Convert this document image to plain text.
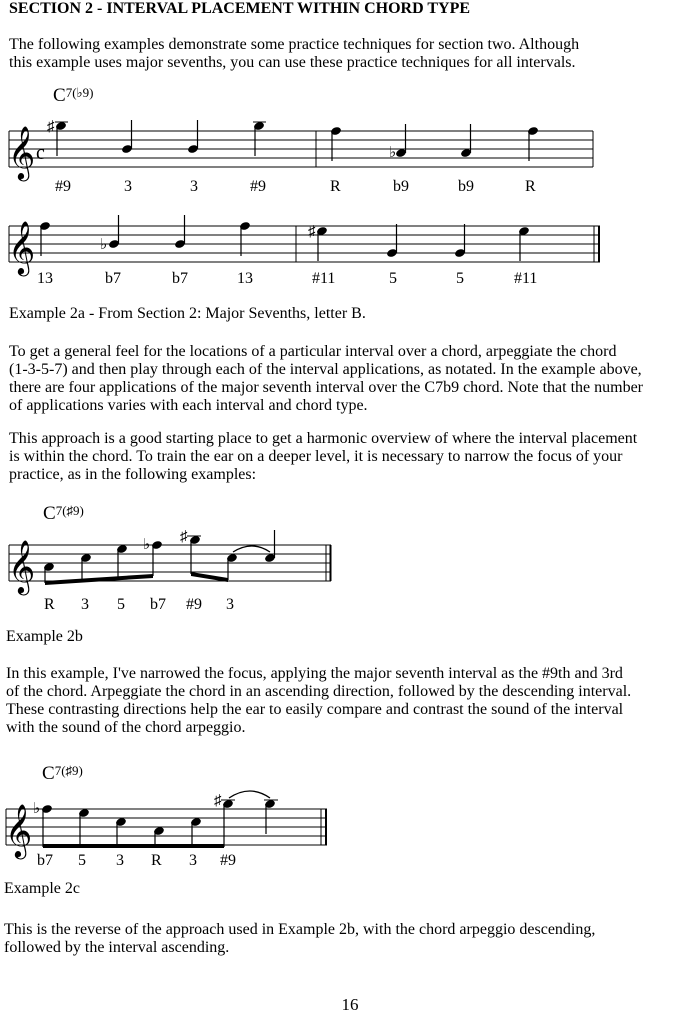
SECTION 2 - INTERVAL PLACEMENT WITHIN CHORD TYPE
The following examples demonstrate some practice techniques for section two. Although
this example uses major sevenths, you can use these practice techniques for all intervals.
$C^{7(♭9)}$
𝄞 c
♯
♭
#9	3	3	#9	R	b9	b9	R
𝄞	♭
♯
13	b7	b7	13	#11	5	5	#11
Example 2a - From Section 2: Major Sevenths, letter B.
To get a general feel for the locations of a particular interval over a chord, arpeggiate the chord
(1-3-5-7) and then play through each of the interval applications, as notated. In the example above,
there are four applications of the major seventh interval over the C7b9 chord. Note that the number
of applications varies with each interval and chord type.
This approach is a good starting place to get a harmonic overview of where the interval placement
is within the chord. To train the ear on a deeper level, it is necessary to narrow the focus of your
practice, as in the following examples:
$C^{7(♯9)}$
𝄞	♭ ♯
R 3 5 b7 #9 3
Example 2b
In this example, I've narrowed the focus, applying the major seventh interval as the #9th and 3rd
of the chord. Arpeggiate the chord in an ascending direction, followed by the descending interval.
These contrasting directions help the ear to easily compare and contrast the sound of the interval
with the sound of the chord arpeggio.
$C^{7(♯9)}$
𝄞 ♭	♯
b7 5 3 R 3 #9
Example 2c
This is the reverse of the approach used in Example 2b, with the chord arpeggio descending,
followed by the interval ascending.
16
